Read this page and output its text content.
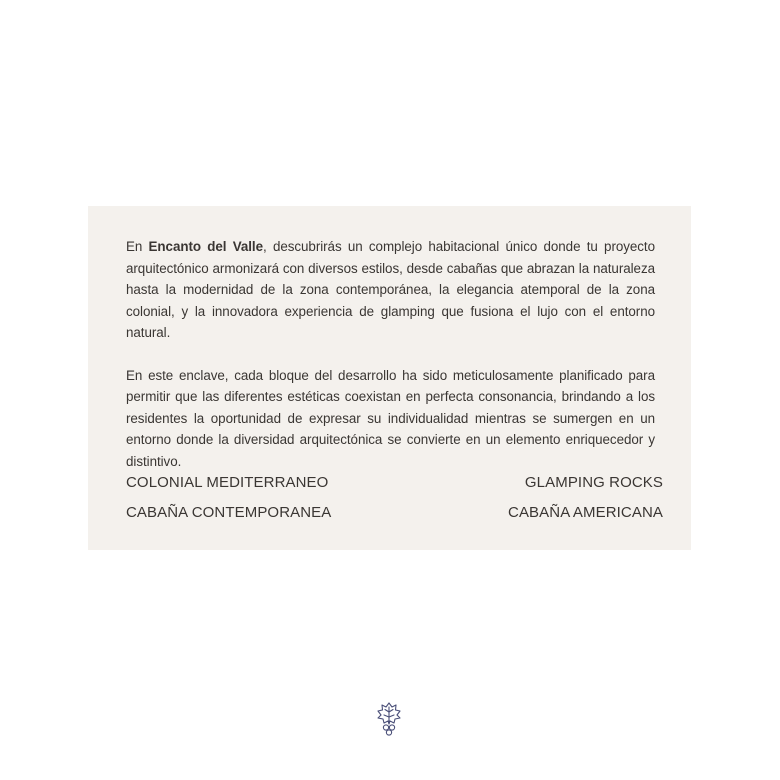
En Encanto del Valle, descubrirás un complejo habitacional único donde tu proyecto arquitectónico armonizará con diversos estilos, desde cabañas que abrazan la naturaleza hasta la modernidad de la zona contemporánea, la elegancia atemporal de la zona colonial, y la innovadora experiencia de glamping que fusiona el lujo con el entorno natural.

En este enclave, cada bloque del desarrollo ha sido meticulosamente planificado para permitir que las diferentes estéticas coexistan en perfecta consonancia, brindando a los residentes la oportunidad de expresar su individualidad mientras se sumergen en un entorno donde la diversidad arquitectónica se convierte en un elemento enriquecedor y distintivo.

COLONIAL MEDITERRANEO
CABAÑA CONTEMPORANEA
GLAMPING ROCKS
CABAÑA AMERICANA
